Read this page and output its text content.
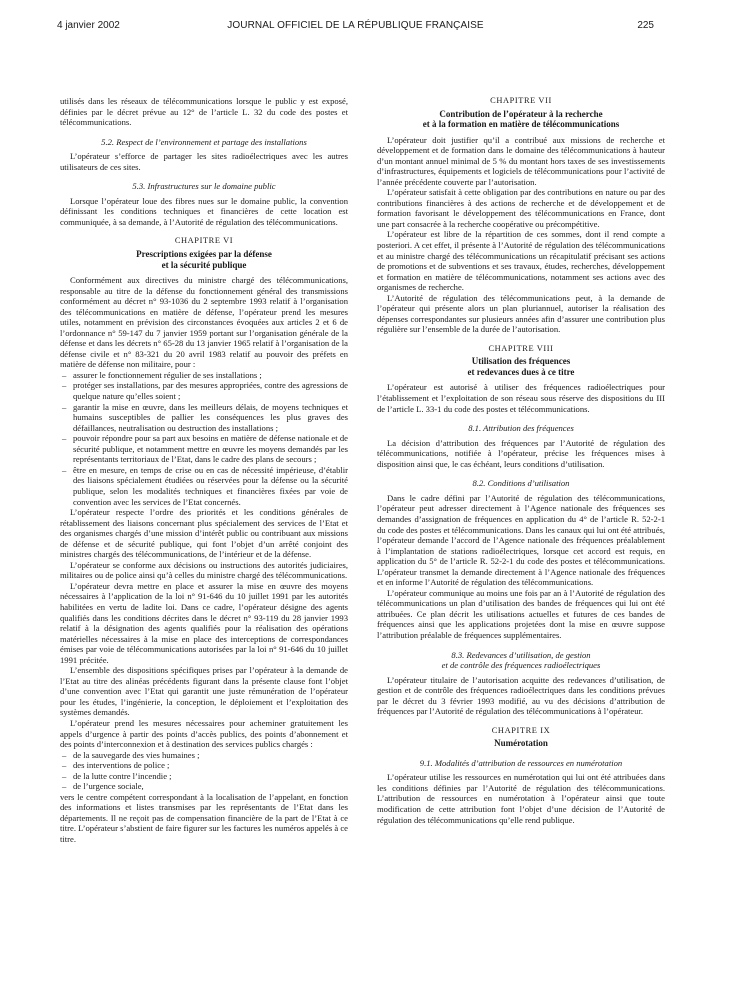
4 janvier 2002	JOURNAL OFFICIEL DE LA RÉPUBLIQUE FRANÇAISE	225

utilisés dans les réseaux de télécommunications lorsque le public y est exposé, définies par le décret prévue au 12° de l’article L. 32 du code des postes et télécommunications.

5.2. Respect de l’environnement et partage des installations

L’opérateur s’efforce de partager les sites radioélectriques avec les autres utilisateurs de ces sites.

5.3. Infrastructures sur le domaine public

Lorsque l’opérateur loue des fibres nues sur le domaine public, la convention définissant les conditions techniques et financières de cette location est communiquée, à sa demande, à l’Autorité de régulation des télécommunications.

CHAPITRE VI
Prescriptions exigées par la défense
et la sécurité publique

Conformément aux directives du ministre chargé des télécommunications, responsable au titre de la défense du fonctionnement général des transmissions conformément au décret n° 93-1036 du 2 septembre 1993 relatif à l’organisation des télécommunications en matière de défense, l’opérateur prend les mesures utiles, notamment en prévision des circonstances évoquées aux articles 2 et 6 de l’ordonnance n° 59-147 du 7 janvier 1959 portant sur l’organisation générale de la défense et dans les décrets n° 65-28 du 13 janvier 1965 relatif à l’organisation de la défense civile et n° 83-321 du 20 avril 1983 relatif au pouvoir des préfets en matière de défense non militaire, pour :

– assurer le fonctionnement régulier de ses installations ;
– protéger ses installations, par des mesures appropriées, contre des agressions de quelque nature qu’elles soient ;
– garantir la mise en œuvre, dans les meilleurs délais, de moyens techniques et humains susceptibles de pallier les conséquences les plus graves des défaillances, neutralisation ou destruction des installations ;
– pouvoir répondre pour sa part aux besoins en matière de défense nationale et de sécurité publique, et notamment mettre en œuvre les moyens demandés par les représentants territoriaux de l’Etat, dans le cadre des plans de secours ;
– être en mesure, en temps de crise ou en cas de nécessité impérieuse, d’établir des liaisons spécialement étudiées ou réservées pour la défense ou la sécurité publique, selon les modalités techniques et financières fixées par voie de convention avec les services de l’Etat concernés.

L’opérateur respecte l’ordre des priorités et les conditions générales de rétablissement des liaisons concernant plus spécialement des services de l’Etat et des organismes chargés d’une mission d’intérêt public ou contribuant aux missions de défense et de sécurité publique, qui font l’objet d’un arrêté conjoint des ministres chargés des télécommunications, de l’intérieur et de la défense.

L’opérateur se conforme aux décisions ou instructions des autorités judiciaires, militaires ou de police ainsi qu’à celles du ministre chargé des télécommunications.

L’opérateur devra mettre en place et assurer la mise en œuvre des moyens nécessaires à l’application de la loi n° 91-646 du 10 juillet 1991 par les autorités habilitées en vertu de ladite loi. Dans ce cadre, l’opérateur désigne des agents qualifiés dans les conditions décrites dans le décret n° 93-119 du 28 janvier 1993 relatif à la désignation des agents qualifiés pour la réalisation des opérations matérielles nécessaires à la mise en place des interceptions de correspondances émises par voie de télécommunications autorisées par la loi n° 91-646 du 10 juillet 1991 précitée.

L’ensemble des dispositions spécifiques prises par l’opérateur à la demande de l’Etat au titre des alinéas précédents figurant dans la présente clause font l’objet d’une convention avec l’Etat qui garantit une juste rémunération de l’opérateur pour les études, l’ingénierie, la conception, le déploiement et l’exploitation des systèmes demandés.

L’opérateur prend les mesures nécessaires pour acheminer gratuitement les appels d’urgence à partir des points d’accès publics, des points d’abonnement et des points d’interconnexion et à destination des services publics chargés :

– de la sauvegarde des vies humaines ;
– des interventions de police ;
– de la lutte contre l’incendie ;
– de l’urgence sociale,

vers le centre compétent correspondant à la localisation de l’appelant, en fonction des informations et listes transmises par les représentants de l’Etat dans les départements. Il ne reçoit pas de compensation financière de la part de l’Etat à ce titre. L’opérateur s’abstient de faire figurer sur les factures les numéros appelés à ce titre.

CHAPITRE VII
Contribution de l’opérateur à la recherche
et à la formation en matière de télécommunications

L’opérateur doit justifier qu’il a contribué aux missions de recherche et développement et de formation dans le domaine des télécommunications à hauteur d’un montant annuel minimal de 5 % du montant hors taxes de ses investissements d’infrastructures, équipements et logiciels de télécommunications pour l’activité de l’année précédente couverte par l’autorisation.

L’opérateur satisfait à cette obligation par des contributions en nature ou par des contributions financières à des actions de recherche et de développement et de formation favorisant le développement des télécommunications en France, dont une part consacrée à la recherche coopérative ou précompétitive.

L’opérateur est libre de la répartition de ces sommes, dont il rend compte a posteriori. A cet effet, il présente à l’Autorité de régulation des télécommunications et au ministre chargé des télécommunications un récapitulatif précisant ses actions de promotions et de subventions et ses travaux, études, recherches, développement et formation en matière de télécommunications, notamment ses actions avec des organismes de recherche.

L’Autorité de régulation des télécommunications peut, à la demande de l’opérateur qui présente alors un plan pluriannuel, autoriser la réalisation des dépenses correspondantes sur plusieurs années afin d’assurer une contribution plus régulière sur l’ensemble de la durée de l’autorisation.

CHAPITRE VIII
Utilisation des fréquences
et redevances dues à ce titre

L’opérateur est autorisé à utiliser des fréquences radioélectriques pour l’établissement et l’exploitation de son réseau sous réserve des dispositions du III de l’article L. 33-1 du code des postes et télécommunications.

8.1. Attribution des fréquences

La décision d’attribution des fréquences par l’Autorité de régulation des télécommunications, notifiée à l’opérateur, précise les fréquences mises à disposition ainsi que, le cas échéant, leurs conditions d’utilisation.

8.2. Conditions d’utilisation

Dans le cadre défini par l’Autorité de régulation des télécommunications, l’opérateur peut adresser directement à l’Agence nationale des fréquences ses demandes d’assignation de fréquences en application du 4° de l’article R. 52-2-1 du code des postes et télécommunications. Dans les canaux qui lui ont été attribués, l’opérateur demande l’accord de l’Agence nationale des fréquences préalablement à l’implantation de stations radioélectriques, lorsque cet accord est requis, en application du 5° de l’article R. 52-2-1 du code des postes et télécommunications. L’opérateur transmet la demande directement à l’Agence nationale des fréquences et en informe l’Autorité de régulation des télécommunications.

L’opérateur communique au moins une fois par an à l’Autorité de régulation des télécommunications un plan d’utilisation des bandes de fréquences qui lui ont été attribuées. Ce plan décrit les utilisations actuelles et futures de ces bandes de fréquences ainsi que les applications projetées dont la mise en œuvre suppose l’attribution préalable de fréquences supplémentaires.

8.3. Redevances d’utilisation, de gestion
et de contrôle des fréquences radioélectriques

L’opérateur titulaire de l’autorisation acquitte des redevances d’utilisation, de gestion et de contrôle des fréquences radioélectriques dans les conditions prévues par le décret du 3 février 1993 modifié, au vu des décisions d’attribution de fréquences par l’Autorité de régulation des télécommunications à l’opérateur.

CHAPITRE IX
Numérotation
9.1. Modalités d’attribution de ressources en numérotation

L’opérateur utilise les ressources en numérotation qui lui ont été attribuées dans les conditions définies par l’Autorité de régulation des télécommunications. L’attribution de ressources en numérotation à l’opérateur ainsi que toute modification de cette attribution font l’objet d’une décision de l’Autorité de régulation des télécommunications qu’elle rend publique.
